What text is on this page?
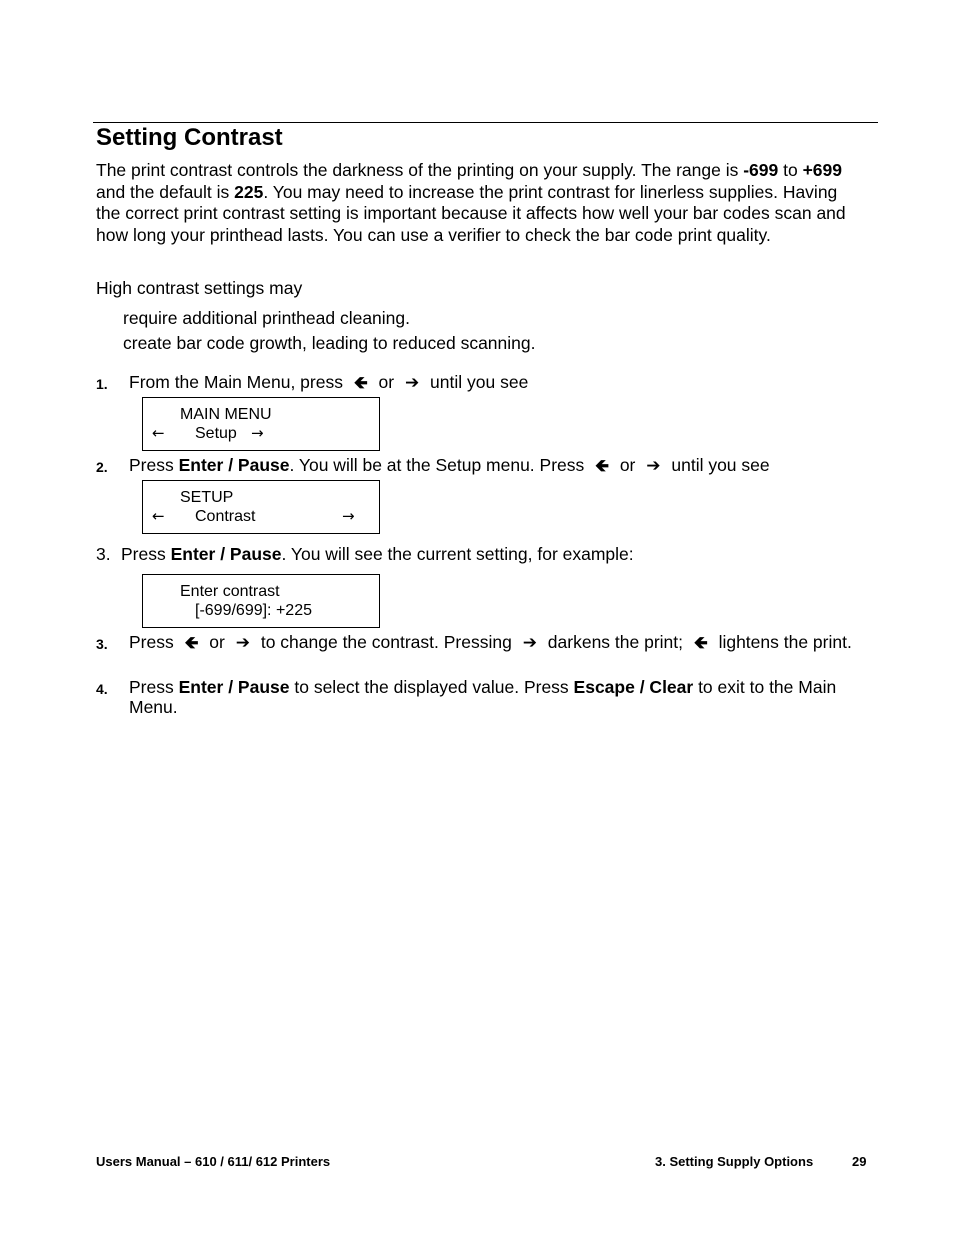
Setting Contrast

The print contrast controls the darkness of the printing on your supply. The range is -699 to +699 and the default is 225. You may need to increase the print contrast for linerless supplies. Having the correct print contrast setting is important because it affects how well your bar codes scan and how long your printhead lasts. You can use a verifier to check the bar code print quality.

High contrast settings may

require additional printhead cleaning.

create bar code growth, leading to reduced scanning.

1. From the Main Menu, press 🡸 or ➔ until you see
MAIN MENU
← Setup →
2. Press Enter / Pause. You will be at the Setup menu. Press 🡸 or ➔ until you see
SETUP
← Contrast	→
3. Press Enter / Pause. You will see the current setting, for example:
Enter contrast
[-699/699]: +225
3. Press 🡸 or ➔ to change the contrast. Pressing ➔ darkens the print; 🡸 lightens the print.
4. Press Enter / Pause to select the displayed value. Press Escape / Clear to exit to the Main Menu.
Users Manual – 610 / 611/ 612 Printers	3. Setting Supply Options	29
